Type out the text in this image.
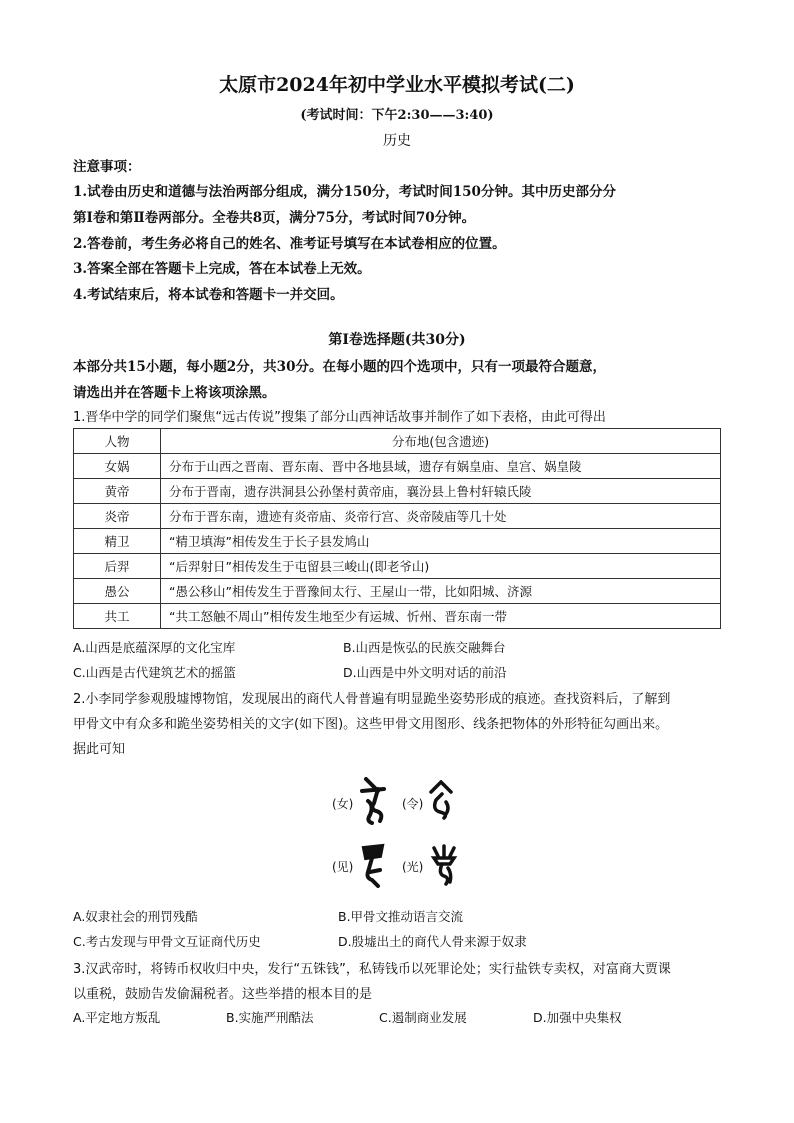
太原市2024年初中学业水平模拟考试(二)
(考试时间：下午2:30——3:40)
历史
注意事项：
1.试卷由历史和道德与法治两部分组成，满分150分，考试时间150分钟。其中历史部分分
第Ⅰ卷和第Ⅱ卷两部分。全卷共8页，满分75分，考试时间70分钟。
2.答卷前，考生务必将自己的姓名、准考证号填写在本试卷相应的位置。
3.答案全部在答题卡上完成，答在本试卷上无效。
4.考试结束后，将本试卷和答题卡一并交回。
第Ⅰ卷选择题(共30分)
本部分共15小题，每小题2分，共30分。在每小题的四个选项中，只有一项最符合题意，
请选出并在答题卡上将该项涂黑。
1.晋华中学的同学们聚焦“远古传说”搜集了部分山西神话故事并制作了如下表格，由此可得出
人物	分布地(包含遗迹)
女娲	分布于山西之晋南、晋东南、晋中各地县域，遗存有娲皇庙、皇宫、娲皇陵
黄帝	分布于晋南，遗存洪洞县公孙堡村黄帝庙，襄汾县上鲁村轩辕氏陵
炎帝	分布于晋东南，遗迹有炎帝庙、炎帝行宫、炎帝陵庙等几十处
精卫	“精卫填海”相传发生于长子县发鸠山
后羿	“后羿射日”相传发生于屯留县三峻山(即老爷山)
愚公	“愚公移山”相传发生于晋豫间太行、王屋山一带，比如阳城、济源
共工	“共工怒触不周山”相传发生地至少有运城、忻州、晋东南一带
A.山西是底蕴深厚的文化宝库	B.山西是恢弘的民族交融舞台
C.山西是古代建筑艺术的摇篮	D.山西是中外文明对话的前沿
2.小李同学参观殷墟博物馆，发现展出的商代人骨普遍有明显跪坐姿势形成的痕迹。查找资料后，了解到
甲骨文中有众多和跪坐姿势相关的文字(如下图)。这些甲骨文用图形、线条把物体的外形特征勾画出来。
据此可知
(女)	(令)
(见)	(光)
A.奴隶社会的刑罚残酷	B.甲骨文推动语言交流
C.考古发现与甲骨文互证商代历史	D.殷墟出土的商代人骨来源于奴隶
3.汉武帝时，将铸币权收归中央，发行“五铢钱”，私铸钱币以死罪论处；实行盐铁专卖权，对富商大贾课
以重税，鼓励告发偷漏税者。这些举措的根本目的是
A.平定地方叛乱	B.实施严刑酷法	C.遏制商业发展	D.加强中央集权
